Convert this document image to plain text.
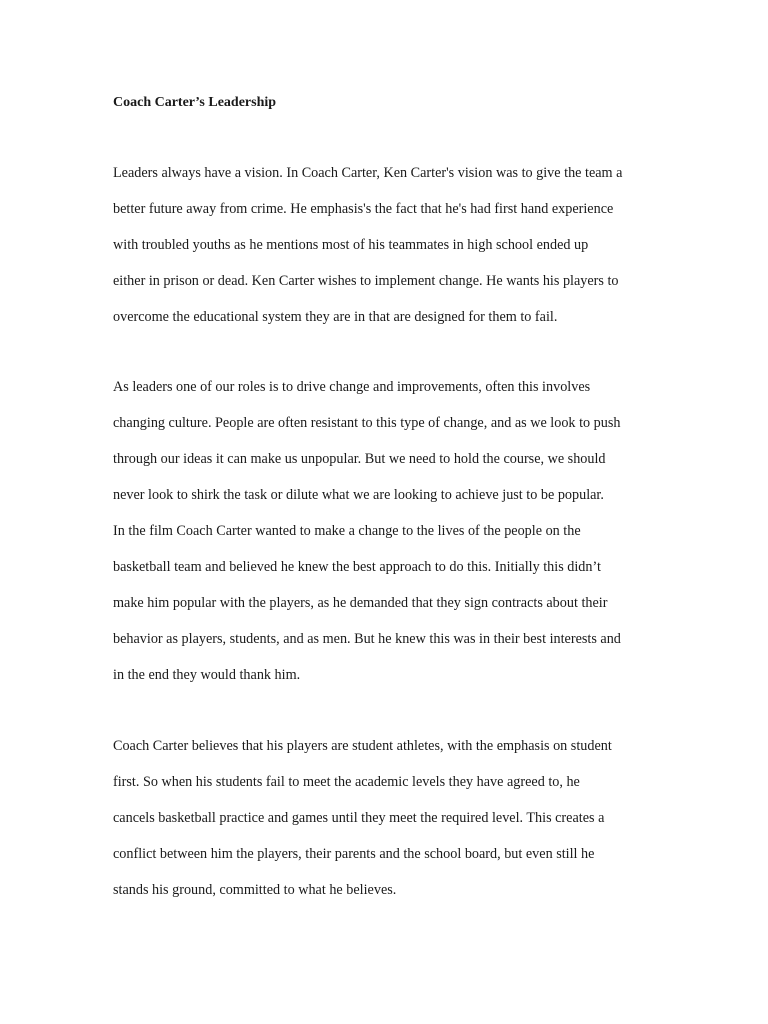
Coach Carter’s Leadership
Leaders always have a vision. In Coach Carter, Ken Carter's vision was to give the team a
better future away from crime. He emphasis's the fact that he's had first hand experience
with troubled youths as he mentions most of his teammates in high school ended up
either in prison or dead. Ken Carter wishes to implement change. He wants his players to
overcome the educational system they are in that are designed for them to fail.
As leaders one of our roles is to drive change and improvements, often this involves
changing culture. People are often resistant to this type of change, and as we look to push
through our ideas it can make us unpopular. But we need to hold the course, we should
never look to shirk the task or dilute what we are looking to achieve just to be popular.
In the film Coach Carter wanted to make a change to the lives of the people on the
basketball team and believed he knew the best approach to do this. Initially this didn’t
make him popular with the players, as he demanded that they sign contracts about their
behavior as players, students, and as men. But he knew this was in their best interests and
in the end they would thank him.
Coach Carter believes that his players are student athletes, with the emphasis on student
first. So when his students fail to meet the academic levels they have agreed to, he
cancels basketball practice and games until they meet the required level. This creates a
conflict between him the players, their parents and the school board, but even still he
stands his ground, committed to what he believes.
